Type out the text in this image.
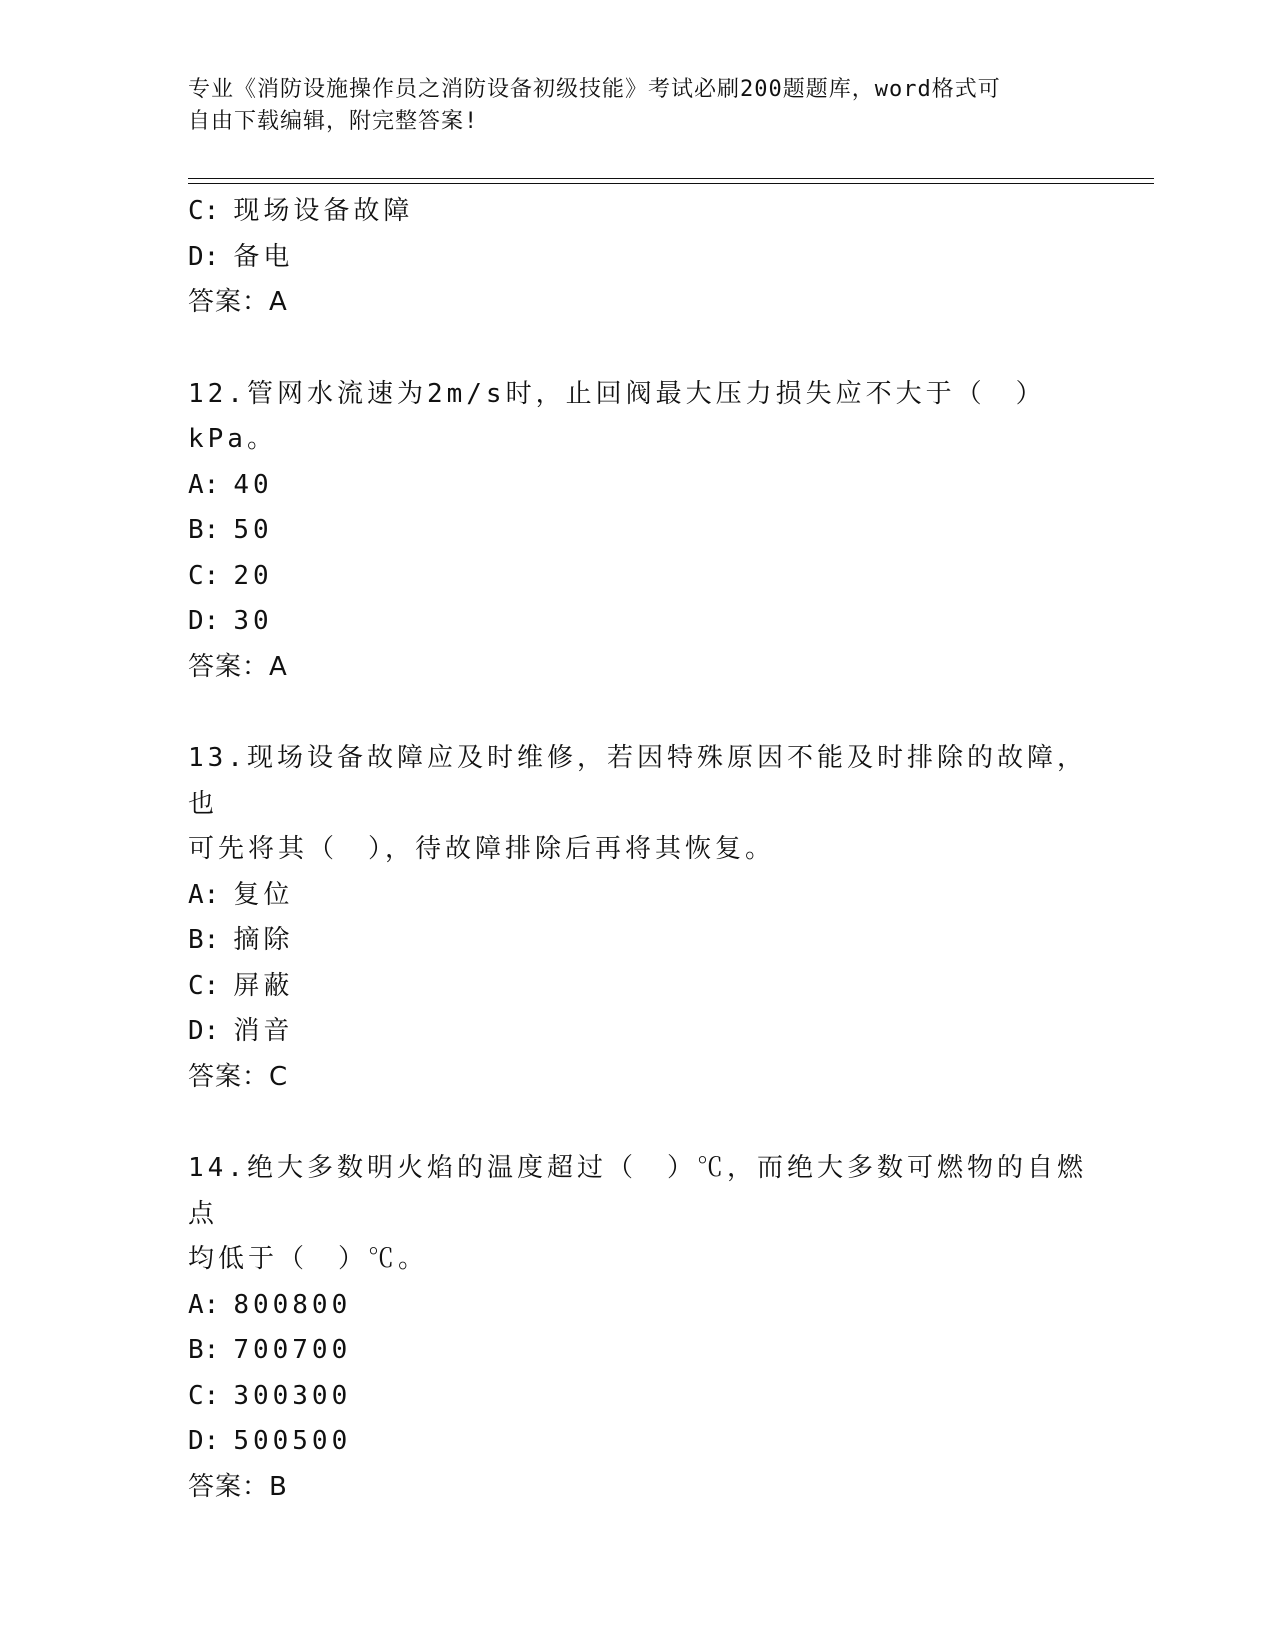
专业《消防设施操作员之消防设备初级技能》考试必刷200题题库，word格式可
自由下载编辑，附完整答案!
C: 现场设备故障
D: 备电
答案：A
12.管网水流速为2m/s时，止回阀最大压力损失应不大于（　）kPa。
A: 40
B: 50
C: 20
D: 30
答案：A
13.现场设备故障应及时维修，若因特殊原因不能及时排除的故障，也
可先将其（　），待故障排除后再将其恢复。
A: 复位
B: 摘除
C: 屏蔽
D: 消音
答案：C
14.绝大多数明火焰的温度超过（　）℃，而绝大多数可燃物的自燃点
均低于（　）℃。
A: 800800
B: 700700
C: 300300
D: 500500
答案：B
